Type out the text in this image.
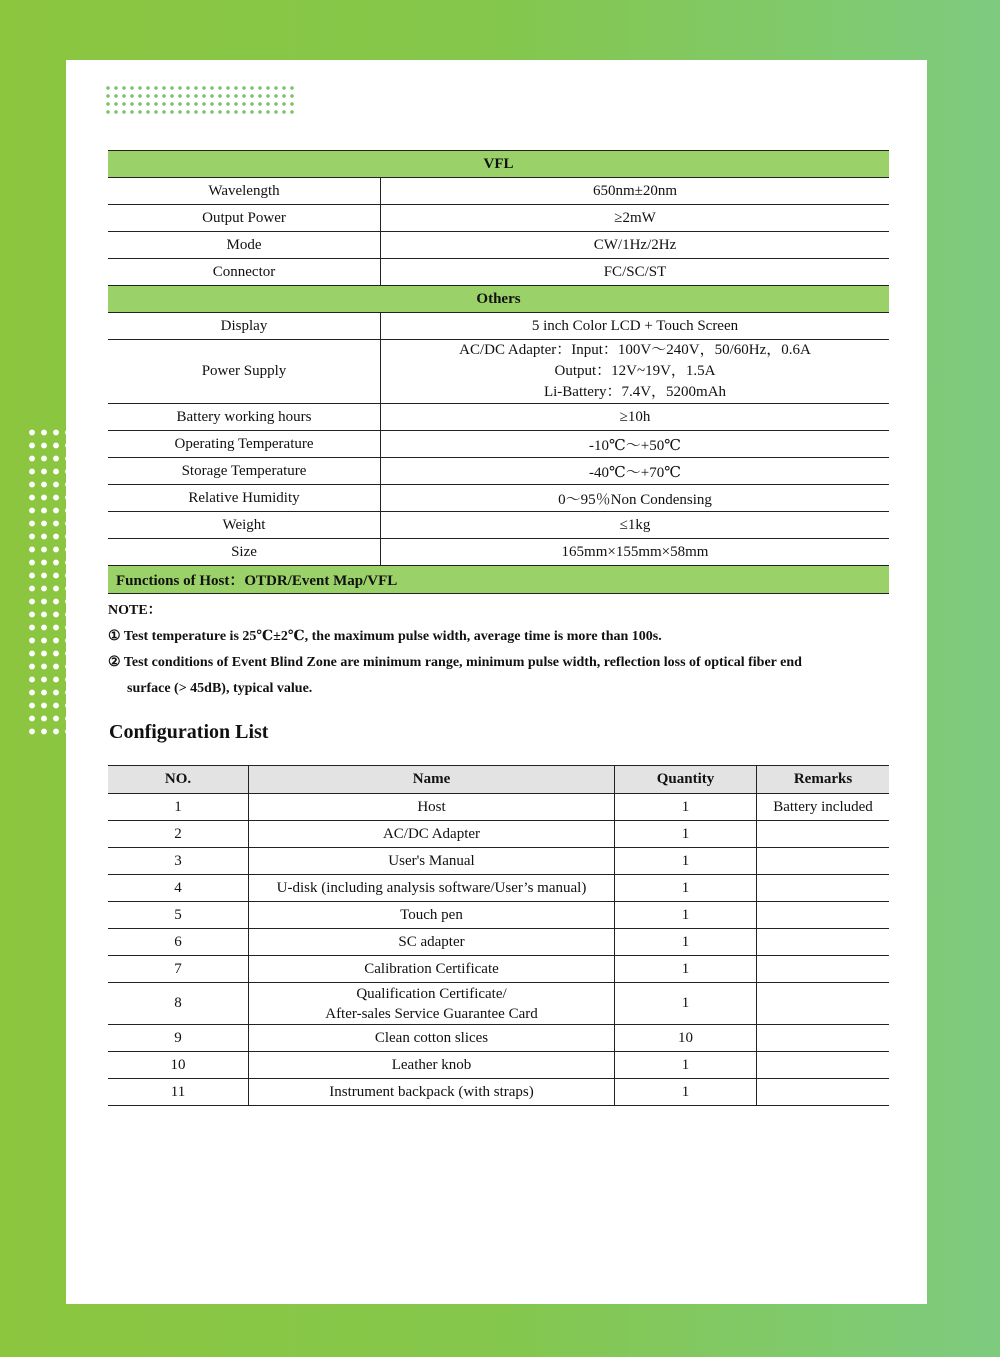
VFL	
Wavelength	650nm±20nm
Output Power	≥2mW
Mode	CW/1Hz/2Hz
Connector	FC/SC/ST
Others	
Display	5 inch Color LCD + Touch Screen
Power Supply	AC/DC Adapter：Input：100V～240V，50/60Hz，0.6A
Output：12V~19V，1.5A
Li-Battery：7.4V，5200mAh

Battery working hours	≥10h
Operating Temperature	-10℃～+50℃
Storage Temperature	-40℃～+70℃
Relative Humidity	0～95％Non Condensing
Weight	≤1kg
Size	165mm×155mm×58mm
Functions of Host：OTDR/Event Map/VFL	
NOTE：
① Test temperature is 25℃±2℃, the maximum pulse width, average time is more than 100s.
② Test conditions of Event Blind Zone are minimum range, minimum pulse width, reflection loss of optical fiber end
surface (> 45dB), typical value.
Configuration List
NO.	Name	Quantity	Remarks
1	Host	1	Battery included
2	AC/DC Adapter	1	
3	User's Manual	1	
4	U-disk (including analysis software/User’s manual)	1	
5	Touch pen	1	
6	SC adapter	1	
7	Calibration Certificate	1	
8	Qualification Certificate/
After-sales Service Guarantee Card	1	
9	Clean cotton slices	10	
10	Leather knob	1	
11	Instrument backpack (with straps)	1	
